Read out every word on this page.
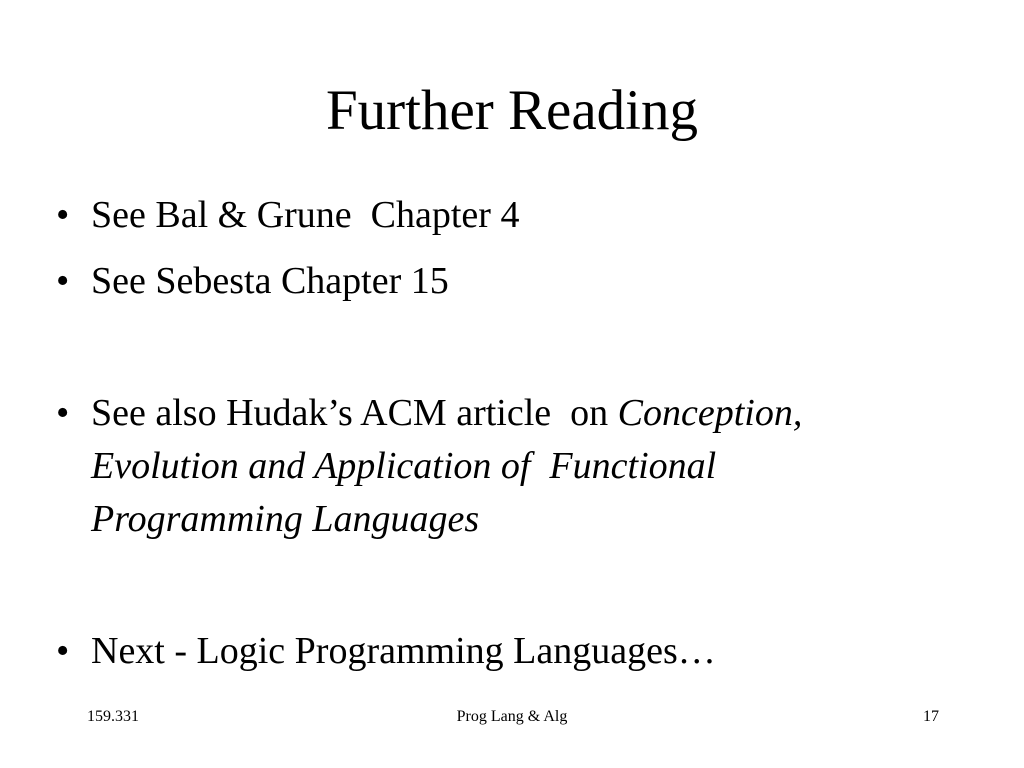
Further Reading
• See Bal & Grune  Chapter 4
• See Sebesta Chapter 15
• See also Hudak’s ACM article  on Conception,
Evolution and Application of  Functional
Programming Languages
• Next - Logic Programming Languages…
159.331	Prog Lang & Alg	17
